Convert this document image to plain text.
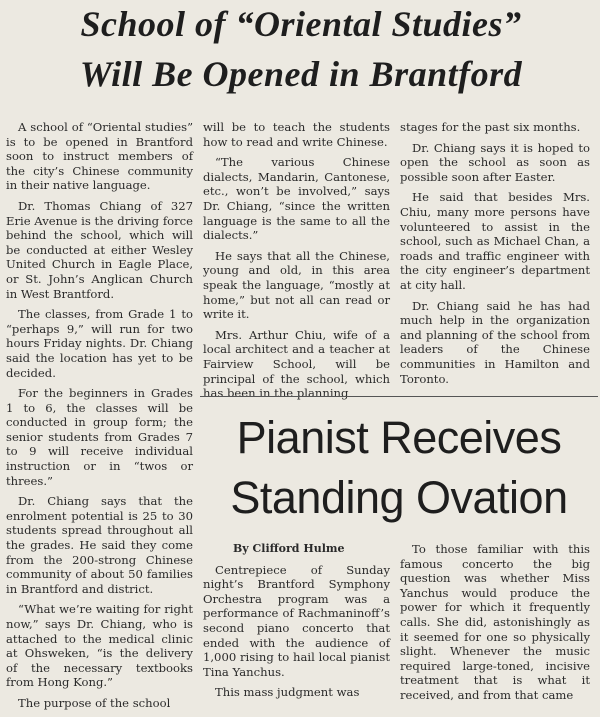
School of “Oriental Studies”
Will Be Opened in Brantford

A school of “Oriental studies” is to be opened in Brantford soon to instruct members of the city’s Chinese community in their native language.

Dr. Thomas Chiang of 327 Erie Avenue is the driving force behind the school, which will be conducted at either Wesley United Church in Eagle Place, or St. John’s Anglican Church in West Brantford.

The classes, from Grade 1 to “perhaps 9,” will run for two hours Friday nights. Dr. Chiang said the location has yet to be decided.

For the beginners in Grades 1 to 6, the classes will be conducted in group form; the senior students from Grades 7 to 9 will receive individual instruction or in “twos or threes.”

Dr. Chiang says that the enrolment potential is 25 to 30 students spread throughout all the grades. He said they come from the 200-strong Chinese community of about 50 families in Brantford and district.

“What we’re waiting for right now,” says Dr. Chiang, who is attached to the medical clinic at Ohsweken, “is the delivery of the necessary textbooks from Hong Kong.”

The purpose of the school

will be to teach the students how to read and write Chinese.

“The various Chinese dialects, Mandarin, Cantonese, etc., won’t be involved,” says Dr. Chiang, “since the written language is the same to all the dialects.”

He says that all the Chinese, young and old, in this area speak the language, “mostly at home,” but not all can read or write it.

Mrs. Arthur Chiu, wife of a local architect and a teacher at Fairview School, will be principal of the school, which has been in the planning

stages for the past six months.

Dr. Chiang says it is hoped to open the school as soon as possible soon after Easter.

He said that besides Mrs. Chiu, many more persons have volunteered to assist in the school, such as Michael Chan, a roads and traffic engineer with the city engineer’s department at city hall.

Dr. Chiang said he has had much help in the organization and planning of the school from leaders of the Chinese communities in Hamilton and Toronto.

Pianist Receives
Standing Ovation

By Clifford Hulme

Centrepiece of Sunday night’s Brantford Symphony Orchestra program was a performance of Rachmaninoff’s second piano concerto that ended with the audience of 1,000 rising to hail local pianist Tina Yanchus.

This mass judgment was

To those familiar with this famous concerto the big question was whether Miss Yanchus would produce the power for which it frequently calls. She did, astonishingly as it seemed for one so physically slight. Whenever the music required large-toned, incisive treatment that is what it received, and from that came
